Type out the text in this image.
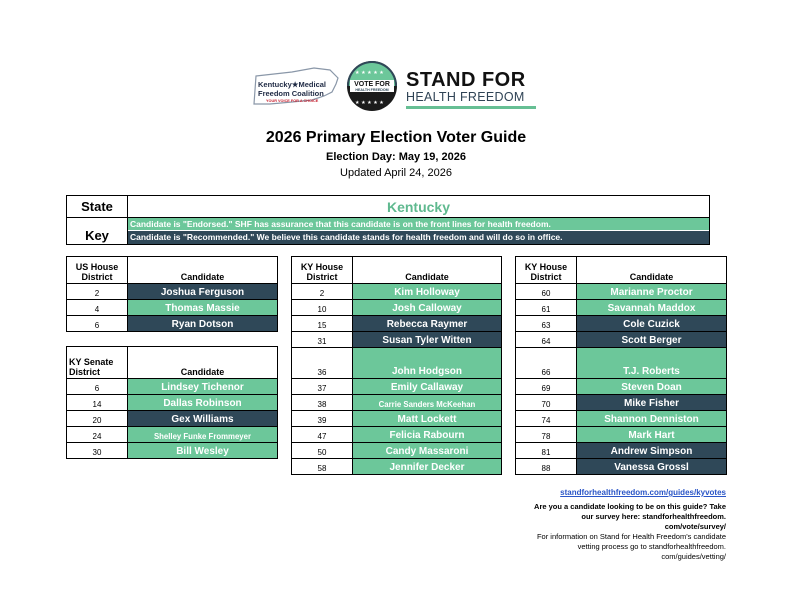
Kentucky★Medical
Freedom Coalition
YOUR VOICE FOR A CHOICE
★ ★ ★ ★ ★
★ ★ ★ ★ ★
VOTE FOR
HEALTH FREEDOM STAND FOR
HEALTH FREEDOM
2026 Primary Election Voter Guide
Election Day: May 19, 2026
Updated April 24, 2026
State	Kentucky
Key
Candidate is "Endorsed." SHF has assurance that this candidate is on the front lines for health freedom.
Candidate is "Recommended." We believe this candidate stands for health freedom and will do so in office.
US House District	Candidate
2	Joshua Ferguson
4	Thomas Massie
6	Ryan Dotson
KY Senate District	Candidate
6	Lindsey Tichenor
14	Dallas Robinson
20	Gex Williams
24	Shelley Funke Frommeyer
30	Bill Wesley
KY House District	Candidate
2	Kim Holloway
10	Josh Calloway
15	Rebecca Raymer
31	Susan Tyler Witten
36	John Hodgson
37	Emily Callaway
38	Carrie Sanders McKeehan
39	Matt Lockett
47	Felicia Rabourn
50	Candy Massaroni
58	Jennifer Decker
KY House District	Candidate
60	Marianne Proctor
61	Savannah Maddox
63	Cole Cuzick
64	Scott Berger
66	T.J. Roberts
69	Steven Doan
70	Mike Fisher
74	Shannon Denniston
78	Mark Hart
81	Andrew Simpson
88	Vanessa Grossl
standforhealthfreedom.com/guides/kyvotes
Are you a candidate looking to be on this guide? Take
our survey here: standforhealthfreedom.
com/vote/survey/
For information on Stand for Health Freedom's candidate
vetting process go to standforhealthfreedom.
com/guides/vetting/
